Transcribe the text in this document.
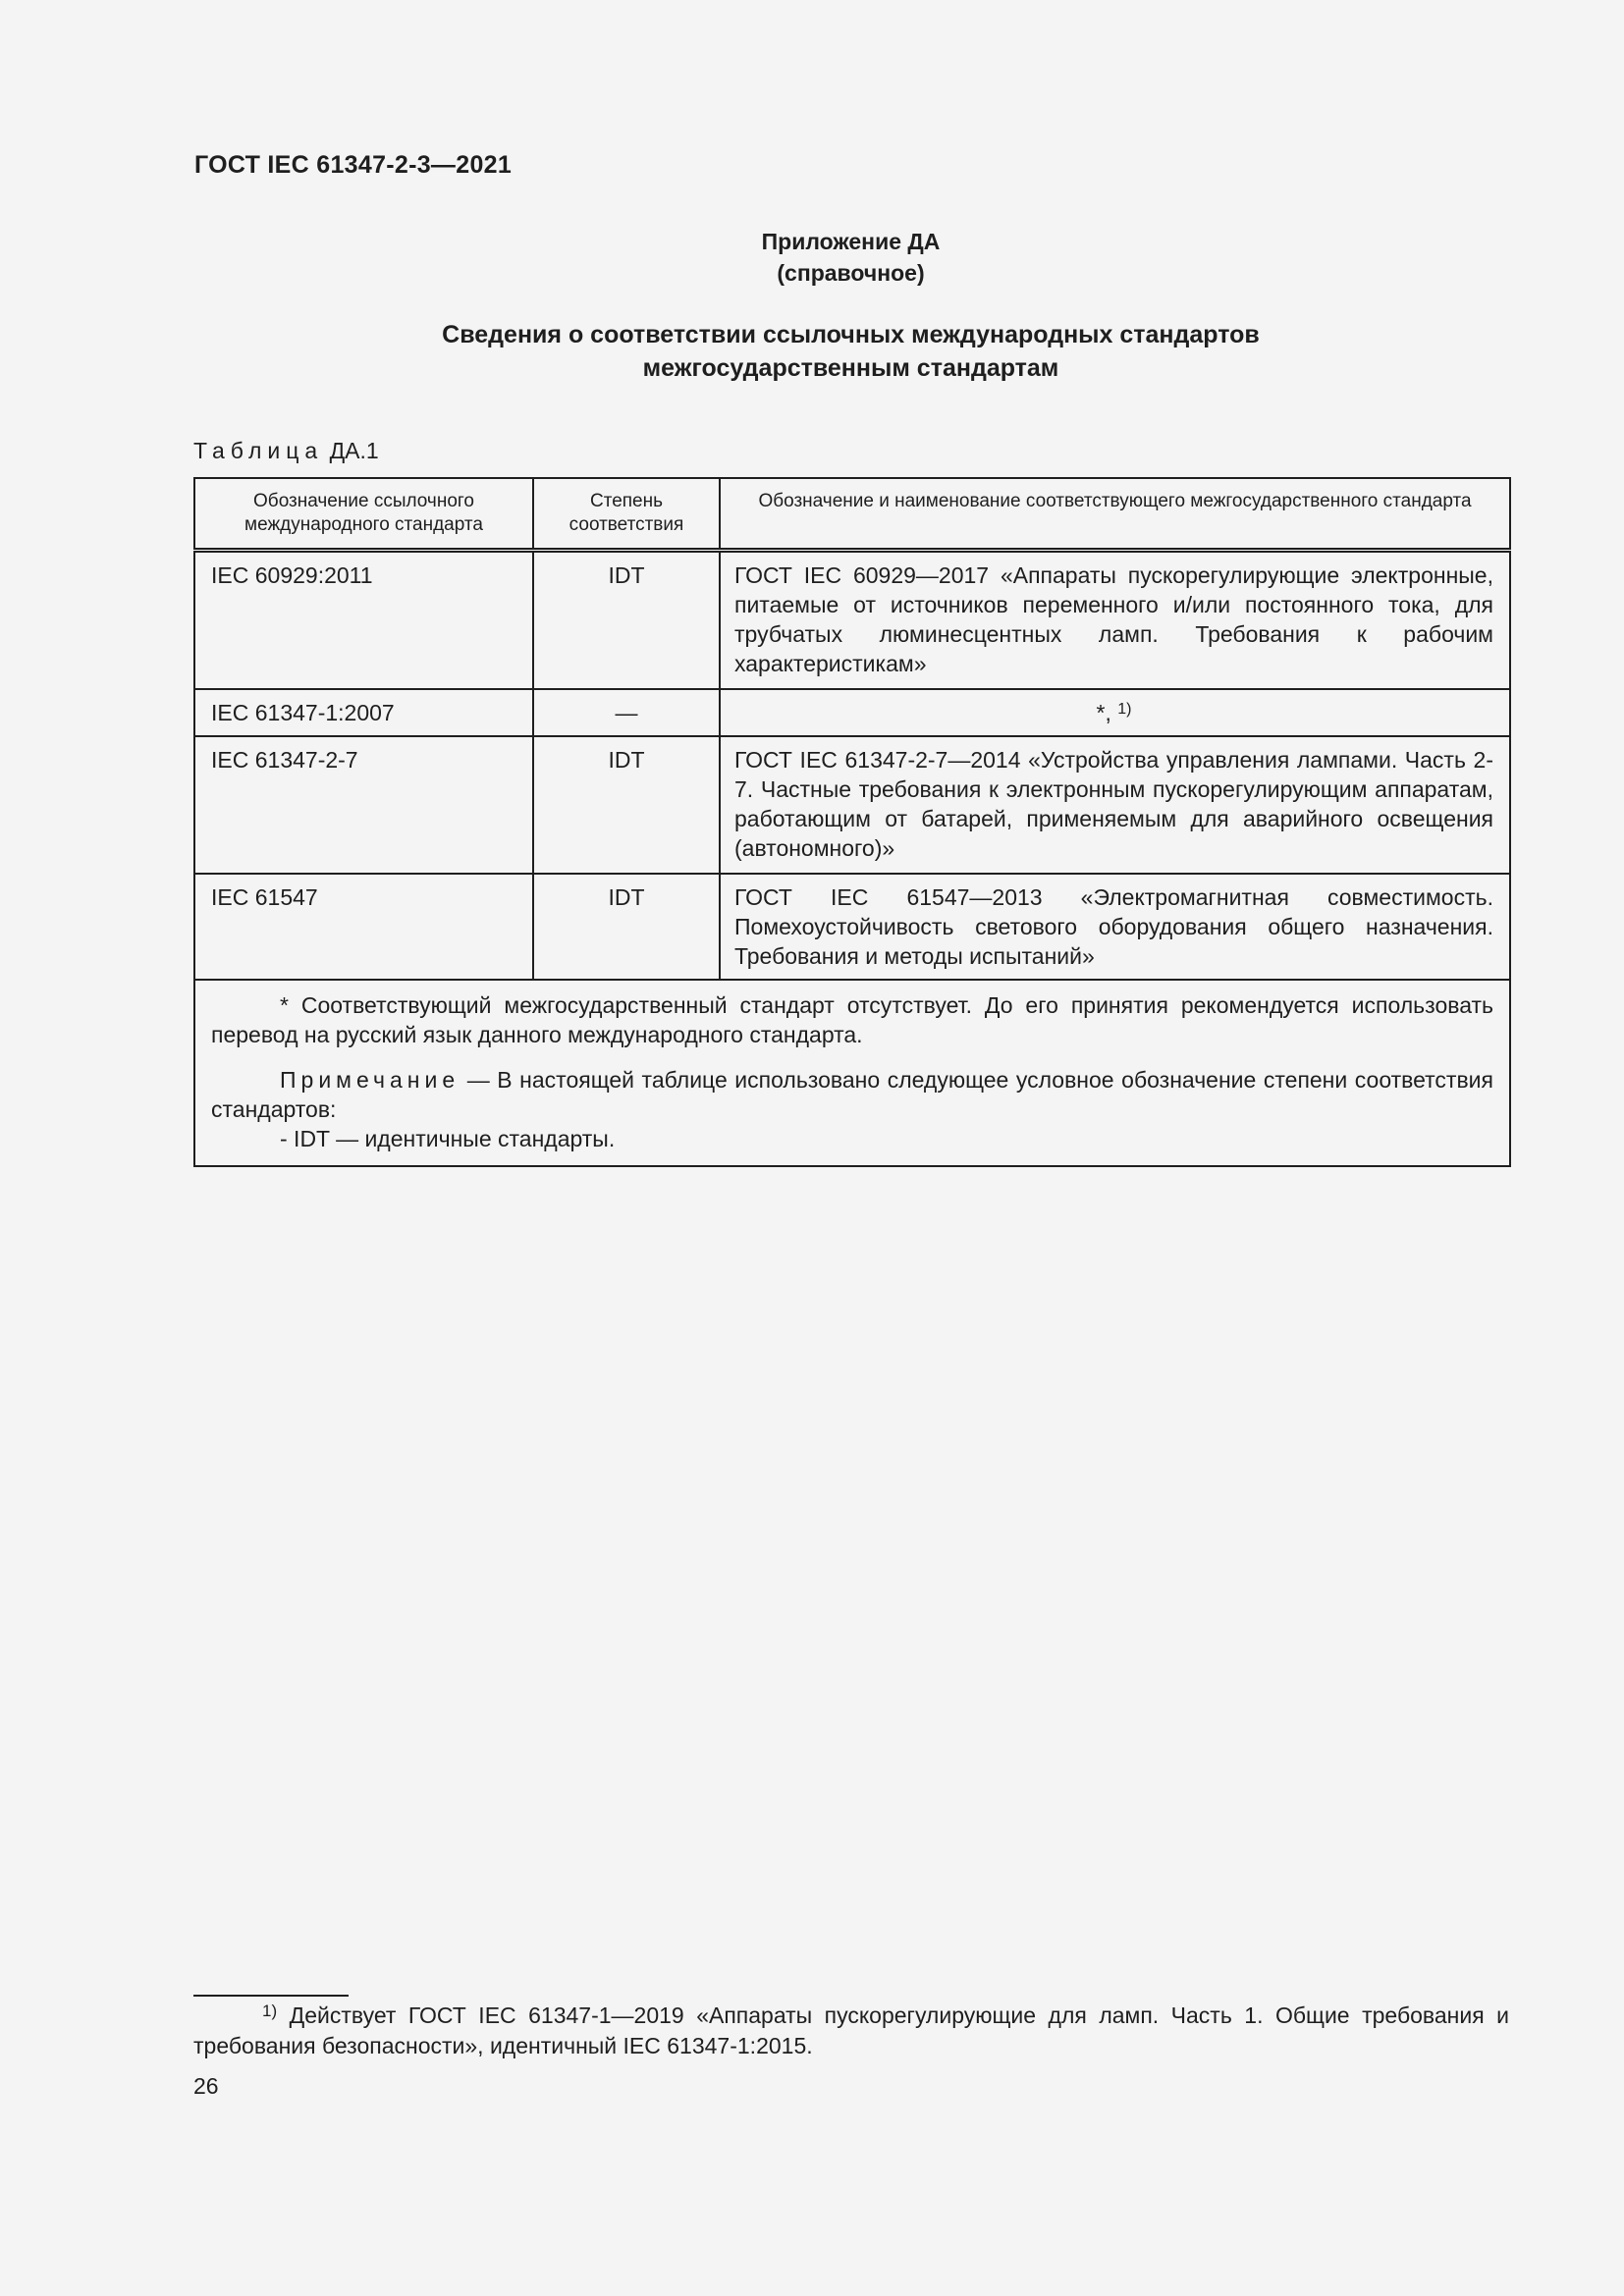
ГОСТ IEC 61347-2-3—2021
Приложение ДА
(справочное)
Сведения о соответствии ссылочных международных стандартов
межгосударственным стандартам
Таблица ДА.1
Обозначение ссылочного международного стандарта	Степень соответствия	Обозначение и наименование соответствующего межгосударственного стандарта
IEC 60929:2011	IDT	ГОСТ IEC 60929—2017 «Аппараты пускорегулирующие электронные, питаемые от источников переменного и/или постоянного тока, для трубчатых люминесцентных ламп. Требования к рабочим характеристикам»
IEC 61347-1:2007	—	*, $^{1)}$
IEC 61347-2-7	IDT	ГОСТ IEC 61347-2-7—2014 «Устройства управления лампами. Часть 2-7. Частные требования к электронным пускорегулирующим аппаратам, работающим от батарей, применяемым для аварийного освещения (автономного)»
IEC 61547	IDT	ГОСТ IEC 61547—2013 «Электромагнитная совместимость. Помехоустойчивость светового оборудования общего назначения. Требования и методы испытаний»

* Соответствующий межгосударственный стандарт отсутствует. До его принятия рекомендуется использовать перевод на русский язык данного международного стандарта.

Примечание — В настоящей таблице использовано следующее условное обозначение степени соответствия стандартов:

- IDT — идентичные стандарты.		

$^{1)}$ Действует ГОСТ IEC 61347-1—2019 «Аппараты пускорегулирующие для ламп. Часть 1. Общие требования и требования безопасности», идентичный IEC 61347-1:2015.
26
